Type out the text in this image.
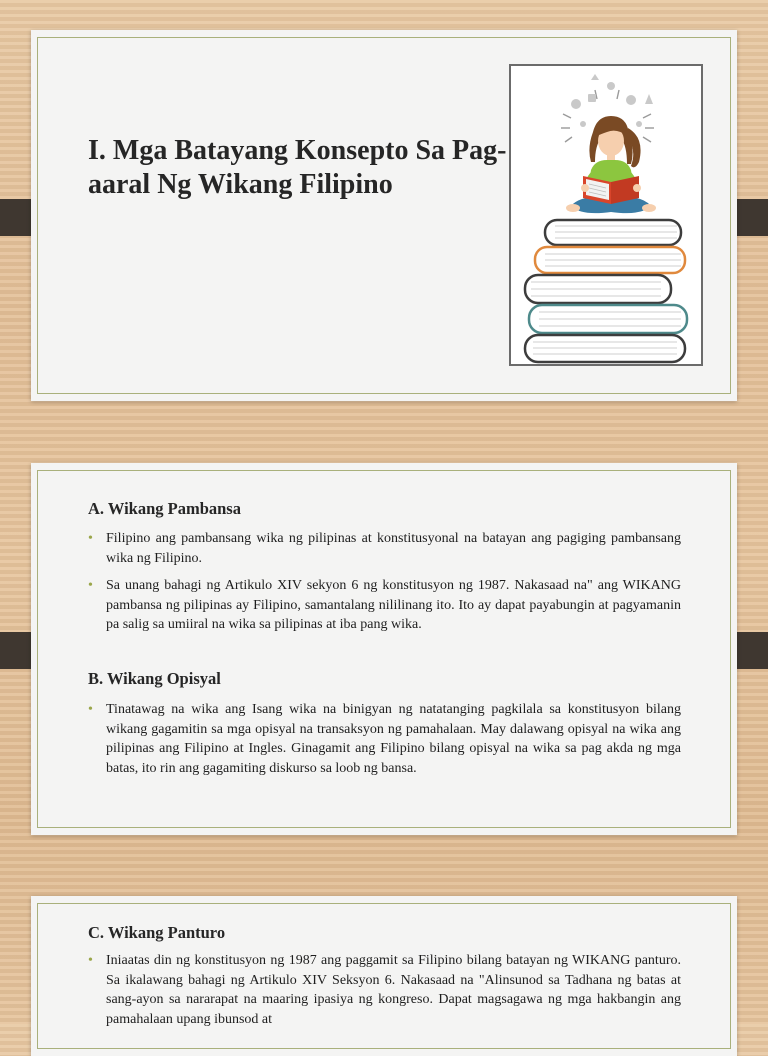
I. Mga Batayang Konsepto Sa Pag-aaral Ng Wikang Filipino
A. Wikang Pambansa
• Filipino ang pambansang wika ng pilipinas at konstitusyonal na batayan ang pagiging pambansang wika ng Filipino.
• Sa unang bahagi ng Artikulo XIV sekyon 6 ng konstitusyon ng 1987. Nakasaad na" ang WIKANG pambansa ng pilipinas ay Filipino, samantalang nililinang ito. Ito ay dapat payabungin at pagyamanin pa salig sa umiiral na wika sa pilipinas at iba pang wika.
B. Wikang Opisyal
• Tinatawag na wika ang Isang wika na binigyan ng natatanging pagkilala sa konstitusyon bilang wikang gagamitin sa mga opisyal na transaksyon ng pamahalaan. May dalawang opisyal na wika ang pilipinas ang Filipino at Ingles. Ginagamit ang Filipino bilang opisyal na wika sa pag akda ng mga batas, ito rin ang gagamiting diskurso sa loob ng bansa.
C. Wikang Panturo
• Iniaatas din ng konstitusyon ng 1987 ang paggamit sa Filipino bilang batayan ng WIKANG panturo. Sa ikalawang bahagi ng Artikulo XIV Seksyon 6. Nakasaad na "Alinsunod sa Tadhana ng batas at sang-ayon sa nararapat na maaring ipasiya ng kongreso. Dapat magsagawa ng mga hakbangin ang pamahalaan upang ibunsod at
